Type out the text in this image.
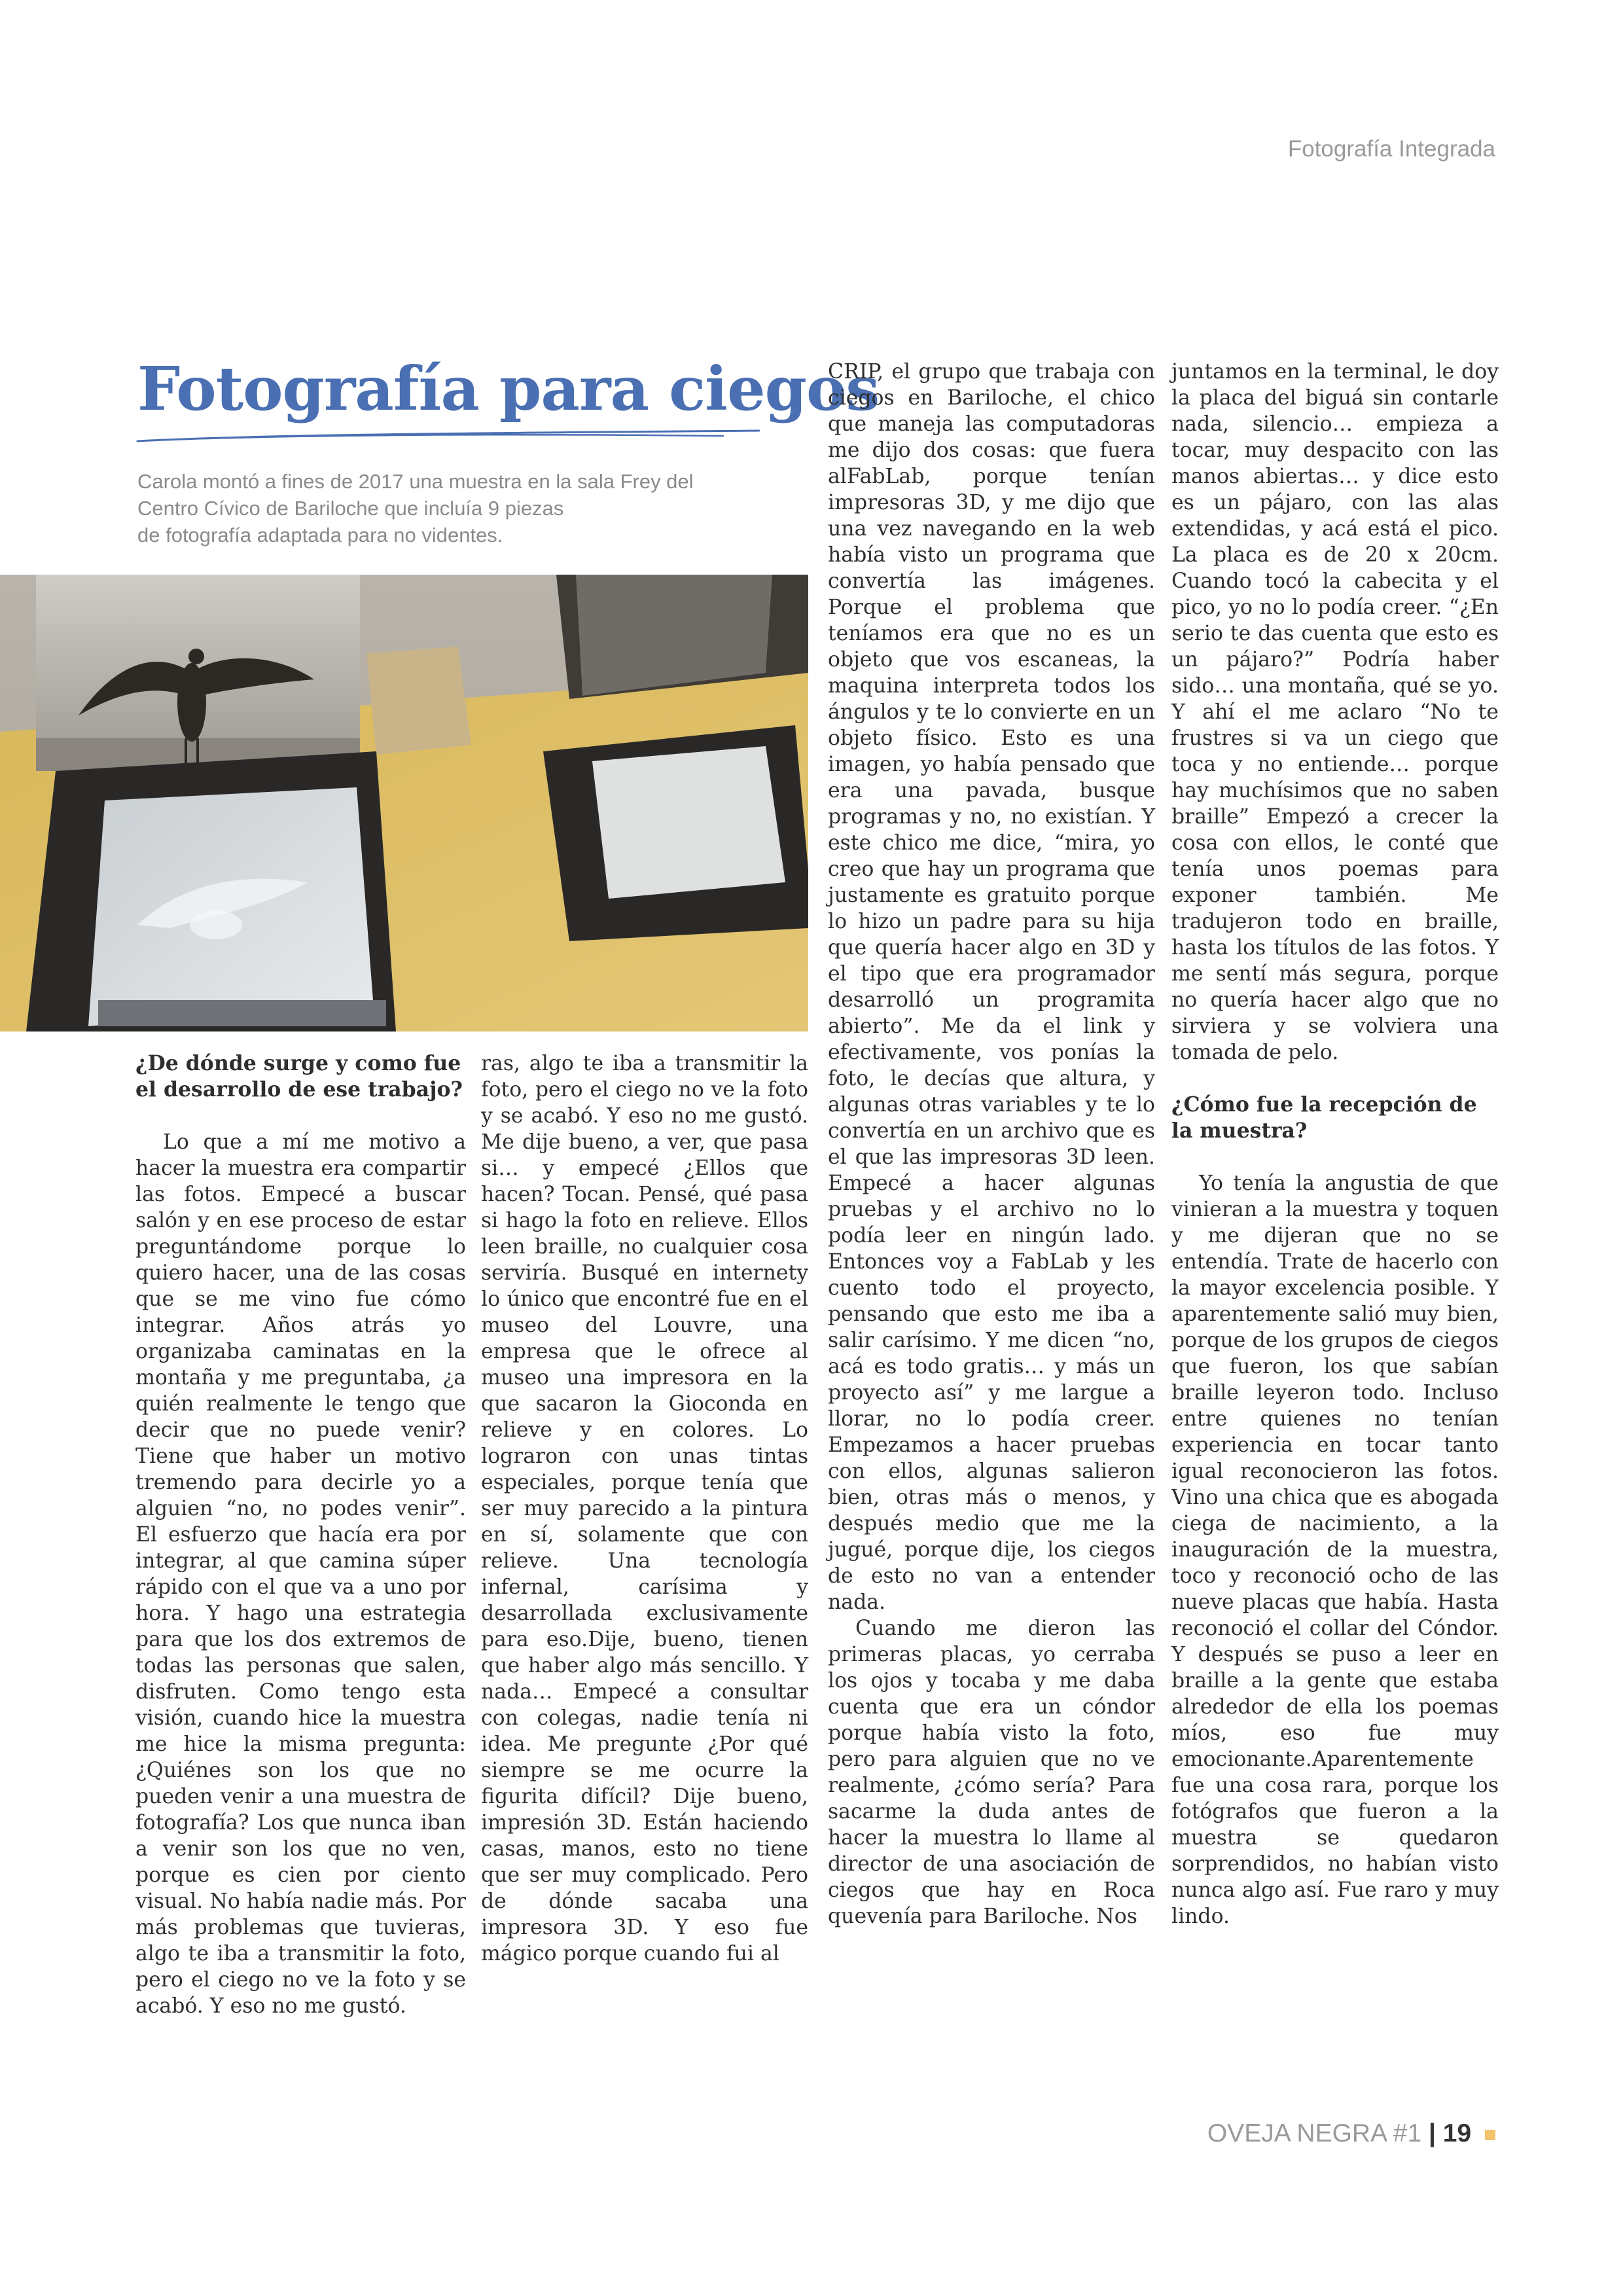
Fotografía Integrada
Fotografía para ciegos
Carola montó a fines de 2017 una muestra en la sala Frey del
Centro Cívico de Bariloche que incluía 9 piezas
de fotografía adaptada para no videntes.
¿De dónde surge y como fue el desarrollo de ese trabajo?

Lo que a mí me motivo a hacer la muestra era compartir las fotos. Empecé a buscar salón y en ese proceso de estar preguntándome porque lo quiero hacer, una de las cosas que se me vino fue cómo integrar. Años atrás yo organizaba caminatas en la montaña y me preguntaba, ¿a quién realmente le tengo que decir que no puede venir? Tiene que haber un motivo tremendo para decirle yo a alguien “no, no podes venir”. El esfuerzo que hacía era por integrar, al que camina súper rápido con el que va a uno por hora. Y hago una estrategia para que los dos extremos de todas las personas que salen, disfruten. Como tengo esta visión, cuando hice la muestra me hice la misma pregunta: ¿Quiénes son los que no pueden venir a una muestra de fotografía? Los que nunca iban a venir son los que no ven, porque es cien por ciento visual. No había nadie más. Por más problemas que tuvieras, algo te iba a transmitir la foto, pero el ciego no ve la foto y se acabó. Y eso no me gustó.

ras, algo te iba a transmitir la foto, pero el ciego no ve la foto y se acabó. Y eso no me gustó. Me dije bueno, a ver, que pasa si… y empecé ¿Ellos que hacen? Tocan. Pensé, qué pasa si hago la foto en relieve. Ellos leen braille, no cualquier cosa serviría. Busqué en internety lo único que encontré fue en el museo del Louvre, una empresa que le ofrece al museo una impresora en la que sacaron la Gioconda en relieve y en colores. Lo lograron con unas tintas especiales, porque tenía que ser muy parecido a la pintura en sí, solamente que con relieve. Una tecnología infernal, carísima y desarrollada exclusivamente para eso.Dije, bueno, tienen que haber algo más sencillo. Y nada… Empecé a consultar con colegas, nadie tenía ni idea. Me pregunte ¿Por qué siempre se me ocurre la figurita difícil? Dije bueno, impresión 3D. Están haciendo casas, manos, esto no tiene que ser muy complicado. Pero de dónde sacaba una impresora 3D. Y eso fue mágico porque cuando fui al

CRIP, el grupo que trabaja con ciegos en Bariloche, el chico que maneja las computadoras me dijo dos cosas: que fuera alFabLab, porque tenían impresoras 3D, y me dijo que una vez navegando en la web había visto un programa que convertía las imágenes. Porque el problema que teníamos era que no es un objeto que vos escaneas, la maquina interpreta todos los ángulos y te lo convierte en un objeto físico. Esto es una imagen, yo había pensado que era una pavada, busque programas y no, no existían. Y este chico me dice, “mira, yo creo que hay un programa que justamente es gratuito porque lo hizo un padre para su hija que quería hacer algo en 3D y el tipo que era programador desarrolló un programita abierto”. Me da el link y efectivamente, vos ponías la foto, le decías que altura, y algunas otras variables y te lo convertía en un archivo que es el que las impresoras 3D leen. Empecé a hacer algunas pruebas y el archivo no lo podía leer en ningún lado. Entonces voy a FabLab y les cuento todo el proyecto, pensando que esto me iba a salir carísimo. Y me dicen “no, acá es todo gratis… y más un proyecto así” y me largue a llorar, no lo podía creer. Empezamos a hacer pruebas con ellos, algunas salieron bien, otras más o menos, y después medio que me la jugué, porque dije, los ciegos de esto no van a entender nada.

Cuando me dieron las primeras placas, yo cerraba los ojos y tocaba y me daba cuenta que era un cóndor porque había visto la foto, pero para alguien que no ve realmente, ¿cómo sería? Para sacarme la duda antes de hacer la muestra lo llame al director de una asociación de ciegos que hay en Roca quevenía para Bariloche. Nos

juntamos en la terminal, le doy la placa del biguá sin contarle nada, silencio… empieza a tocar, muy despacito con las manos abiertas… y dice esto es un pájaro, con las alas extendidas, y acá está el pico. La placa es de 20 x 20cm. Cuando tocó la cabecita y el pico, yo no lo podía creer. “¿En serio te das cuenta que esto es un pájaro?” Podría haber sido… una montaña, qué se yo. Y ahí el me aclaro “No te frustres si va un ciego que toca y no entiende… porque hay muchísimos que no saben braille” Empezó a crecer la cosa con ellos, le conté que tenía unos poemas para exponer también. Me tradujeron todo en braille, hasta los títulos de las fotos. Y me sentí más segura, porque no quería hacer algo que no sirviera y se volviera una tomada de pelo.

¿Cómo fue la recepción de la muestra?

Yo tenía la angustia de que vinieran a la muestra y toquen y me dijeran que no se entendía. Trate de hacerlo con la mayor excelencia posible. Y aparentemente salió muy bien, porque de los grupos de ciegos que fueron, los que sabían braille leyeron todo. Incluso entre quienes no tenían experiencia en tocar tanto igual reconocieron las fotos. Vino una chica que es abogada ciega de nacimiento, a la inauguración de la muestra, toco y reconoció ocho de las nueve placas que había. Hasta reconoció el collar del Cóndor. Y después se puso a leer en braille a la gente que estaba alrededor de ella los poemas míos, eso fue muy emocionante.Aparentemente fue una cosa rara, porque los fotógrafos que fueron a la muestra se quedaron sorprendidos, no habían visto nunca algo así. Fue raro y muy lindo.

OVEJA NEGRA #1 | 19
